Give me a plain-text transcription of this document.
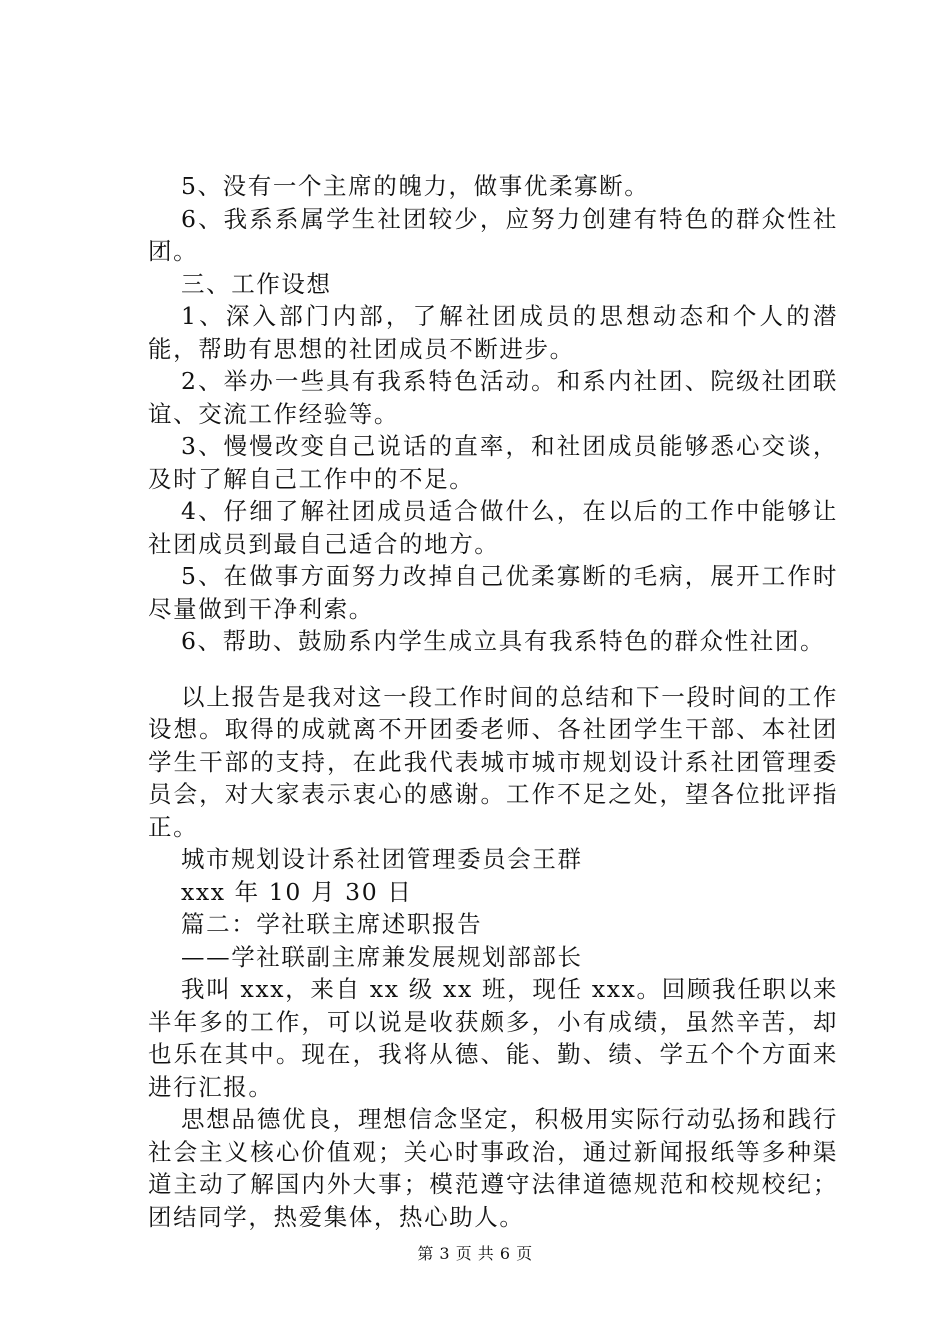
5、没有一个主席的魄力，做事优柔寡断。

6、我系系属学生社团较少，应努力创建有特色的群众性社团。

三、工作设想

1、深入部门内部，了解社团成员的思想动态和个人的潜能，帮助有思想的社团成员不断进步。

2、举办一些具有我系特色活动。和系内社团、院级社团联谊、交流工作经验等。

3、慢慢改变自己说话的直率，和社团成员能够悉心交谈，及时了解自己工作中的不足。

4、仔细了解社团成员适合做什么，在以后的工作中能够让社团成员到最自己适合的地方。

5、在做事方面努力改掉自己优柔寡断的毛病，展开工作时尽量做到干净利索。

6、帮助、鼓励系内学生成立具有我系特色的群众性社团。

以上报告是我对这一段工作时间的总结和下一段时间的工作设想。取得的成就离不开团委老师、各社团学生干部、本社团学生干部的支持，在此我代表城市城市规划设计系社团管理委员会，对大家表示衷心的感谢。工作不足之处，望各位批评指正。

城市规划设计系社团管理委员会王群

xxx 年 10 月 30 日

篇二：学社联主席述职报告

——学社联副主席兼发展规划部部长

我叫 xxx，来自 xx 级 xx 班，现任 xxx。回顾我任职以来半年多的工作，可以说是收获颇多，小有成绩，虽然辛苦，却也乐在其中。现在，我将从德、能、勤、绩、学五个个方面来进行汇报。

思想品德优良，理想信念坚定，积极用实际行动弘扬和践行社会主义核心价值观；关心时事政治，通过新闻报纸等多种渠道主动了解国内外大事；模范遵守法律道德规范和校规校纪；团结同学，热爱集体，热心助人。

第 3 页 共 6 页
